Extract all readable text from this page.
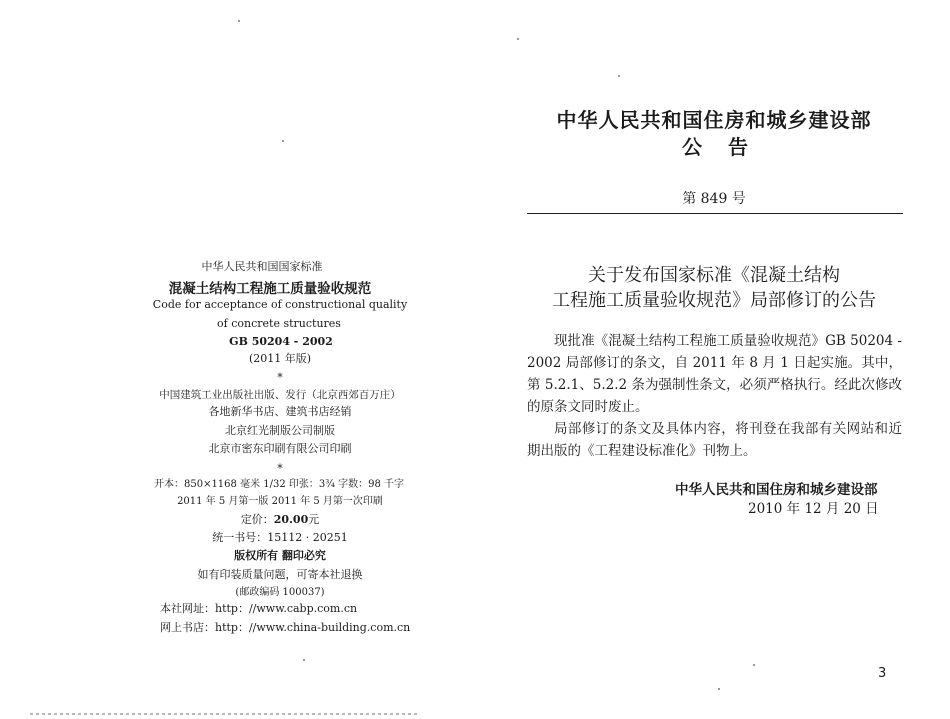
中华人民共和国国家标准
混凝土结构工程施工质量验收规范
Code for acceptance of constructional quality
of concrete structures
GB 50204 - 2002
(2011 年版)
*
中国建筑工业出版社出版、发行（北京西郊百万庄）
各地新华书店、建筑书店经销
北京红光制版公司制版
北京市密东印刷有限公司印刷
*
开本：850×1168 毫米 1/32 印张：3¾ 字数：98 千字
2011 年 5 月第一版 2011 年 5 月第一次印刷
定价：20.00元
统一书号：15112 · 20251
版权所有 翻印必究
如有印装质量问题，可寄本社退换
(邮政编码 100037)
本社网址：http：//www.cabp.com.cn
网上书店：http：//www.china-building.com.cn
中华人民共和国住房和城乡建设部
公告
第 849 号
关于发布国家标准《混凝土结构
工程施工质量验收规范》局部修订的公告
现批准《混凝土结构工程施工质量验收规范》GB 50204 - 2002 局部修订的条文，自 2011 年 8 月 1 日起实施。其中，第 5.2.1、5.2.2 条为强制性条文，必须严格执行。经此次修改的原条文同时废止。
局部修订的条文及具体内容，将刊登在我部有关网站和近期出版的《工程建设标准化》刊物上。
中华人民共和国住房和城乡建设部
2010 年 12 月 20 日
3
